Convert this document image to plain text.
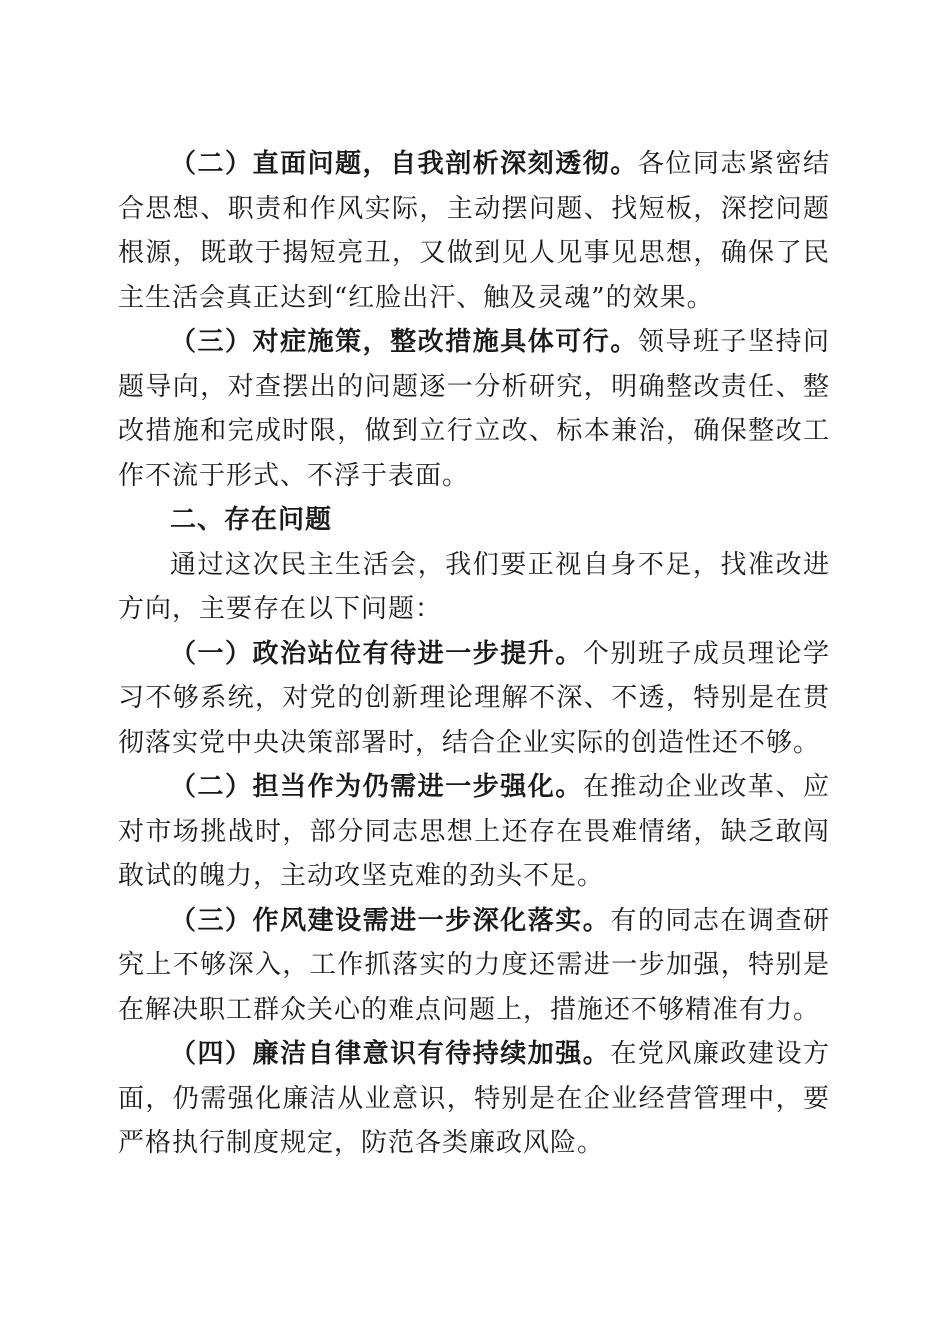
（二）直面问题，自我剖析深刻透彻。各位同志紧密结合思想、职责和作风实际，主动摆问题、找短板，深挖问题根源，既敢于揭短亮丑，又做到见人见事见思想，确保了民主生活会真正达到“红脸出汗、触及灵魂”的效果。

（三）对症施策，整改措施具体可行。领导班子坚持问题导向，对查摆出的问题逐一分析研究，明确整改责任、整改措施和完成时限，做到立行立改、标本兼治，确保整改工作不流于形式、不浮于表面。

二、存在问题

通过这次民主生活会，我们要正视自身不足，找准改进方向，主要存在以下问题：

（一）政治站位有待进一步提升。个别班子成员理论学习不够系统，对党的创新理论理解不深、不透，特别是在贯彻落实党中央决策部署时，结合企业实际的创造性还不够。

（二）担当作为仍需进一步强化。在推动企业改革、应对市场挑战时，部分同志思想上还存在畏难情绪，缺乏敢闯敢试的魄力，主动攻坚克难的劲头不足。

（三）作风建设需进一步深化落实。有的同志在调查研究上不够深入，工作抓落实的力度还需进一步加强，特别是在解决职工群众关心的难点问题上，措施还不够精准有力。

（四）廉洁自律意识有待持续加强。在党风廉政建设方面，仍需强化廉洁从业意识，特别是在企业经营管理中，要严格执行制度规定，防范各类廉政风险。
